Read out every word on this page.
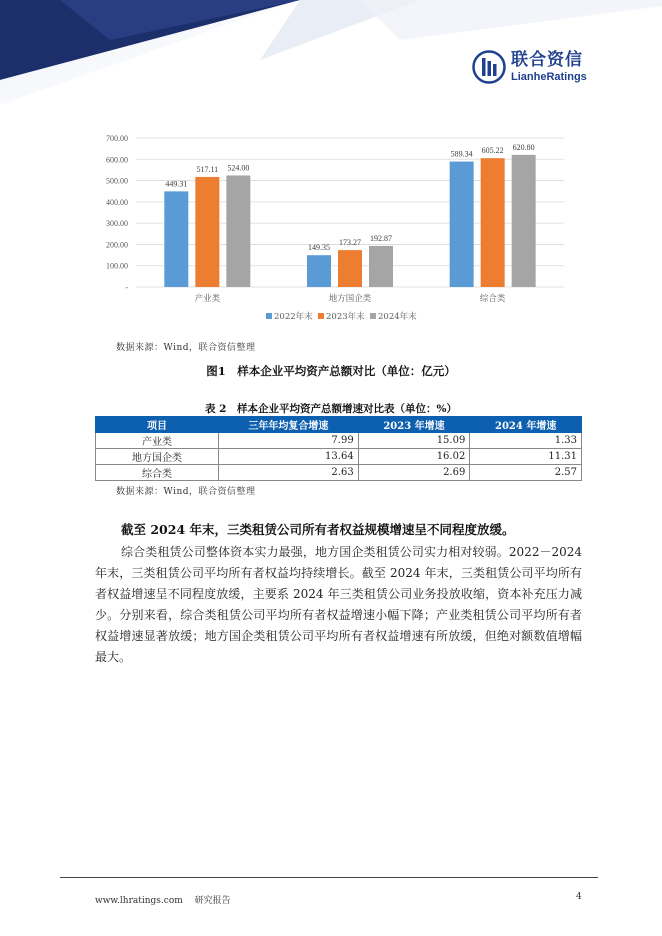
联合资信
LianheRatings
-
100.00
200.00
300.00
400.00
500.00
600.00
700.00
449.31
517.11 524.00
产业类
149.35
173.27 192.87
地方国企类
589.34 605.22 620.80
综合类
2022年末 2023年末 2024年末
数据来源：Wind，联合资信整理
图1　样本企业平均资产总额对比（单位：亿元）
表 2　样本企业平均资产总额增速对比表（单位：%）
项目	三年年均复合增速	2023 年增速	2024 年增速
产业类	7.99	15.09	1.33
地方国企类	13.64	16.02	11.31
综合类	2.63	2.69	2.57
数据来源：Wind，联合资信整理
截至 2024 年末，三类租赁公司所有者权益规模增速呈不同程度放缓。
综合类租赁公司整体资本实力最强，地方国企类租赁公司实力相对较弱。2022－2024 年末，三类租赁公司平均所有者权益均持续增长。截至 2024 年末，三类租赁公司平均所有者权益增速呈不同程度放缓，主要系 2024 年三类租赁公司业务投放收缩，资本补充压力减少。分别来看，综合类租赁公司平均所有者权益增速小幅下降；产业类租赁公司平均所有者权益增速显著放缓；地方国企类租赁公司平均所有者权益增速有所放缓，但绝对额数值增幅最大。
www.lhratings.com　 研究报告	4
